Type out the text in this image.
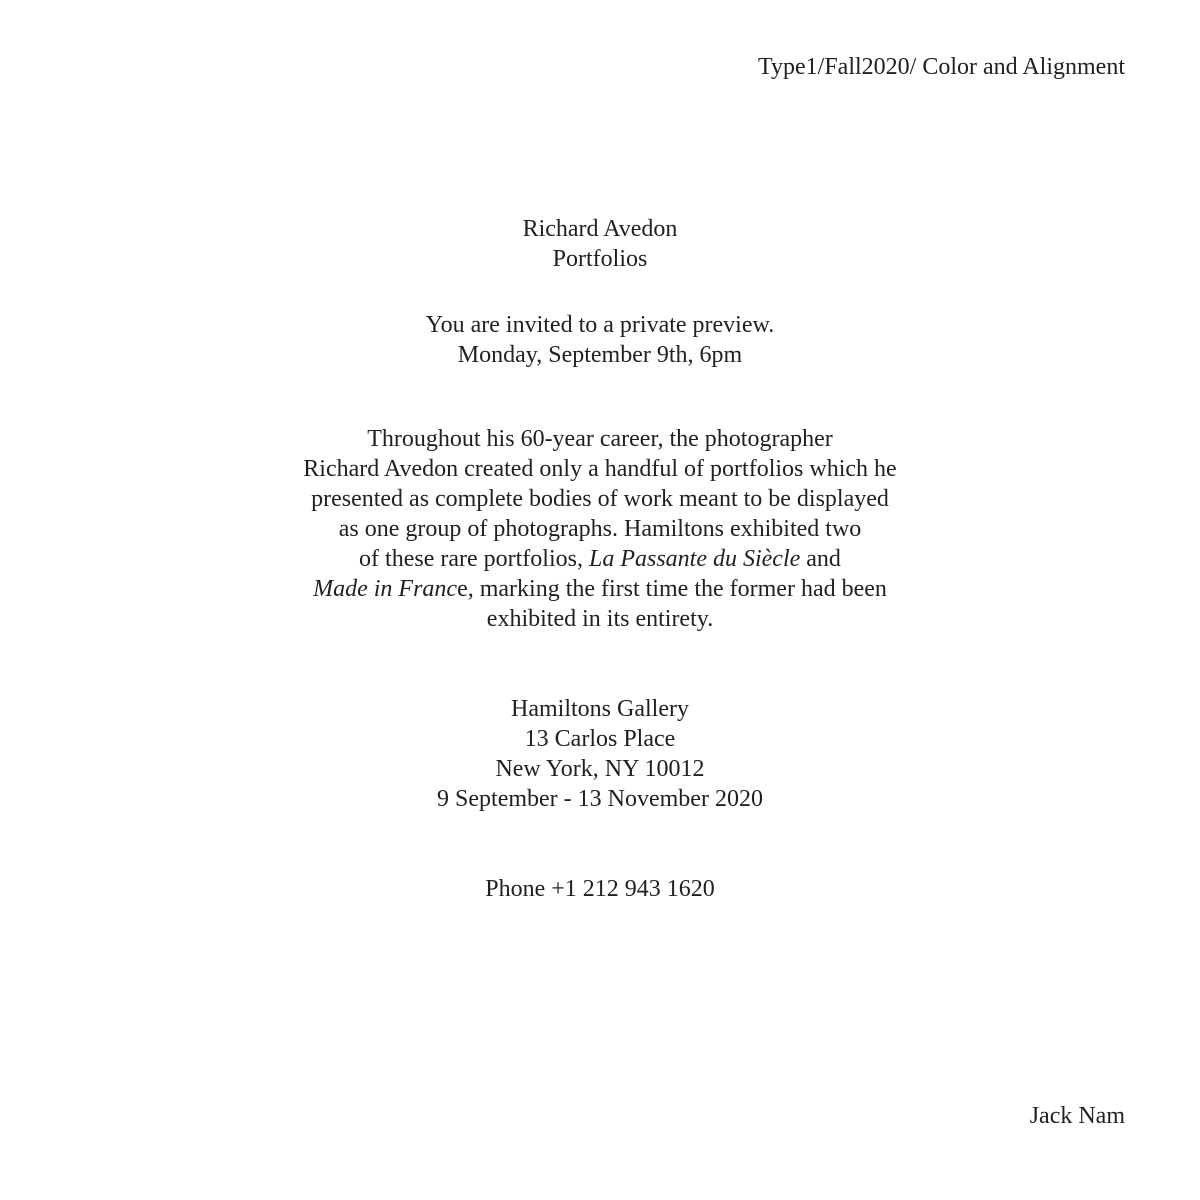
Type1/Fall2020/ Color and Alignment
Richard Avedon
Portfolios
You are invited to a private preview.
Monday, September 9th, 6pm
Throughout his 60-year career, the photographer
Richard Avedon created only a handful of portfolios which he
presented as complete bodies of work meant to be displayed
as one group of photographs. Hamiltons exhibited two
of these rare portfolios, La Passante du Siècle and
Made in France, marking the first time the former had been
exhibited in its entirety.
Hamiltons Gallery
13 Carlos Place
New York, NY 10012
9 September - 13 November 2020
Phone +1 212 943 1620
Jack Nam
